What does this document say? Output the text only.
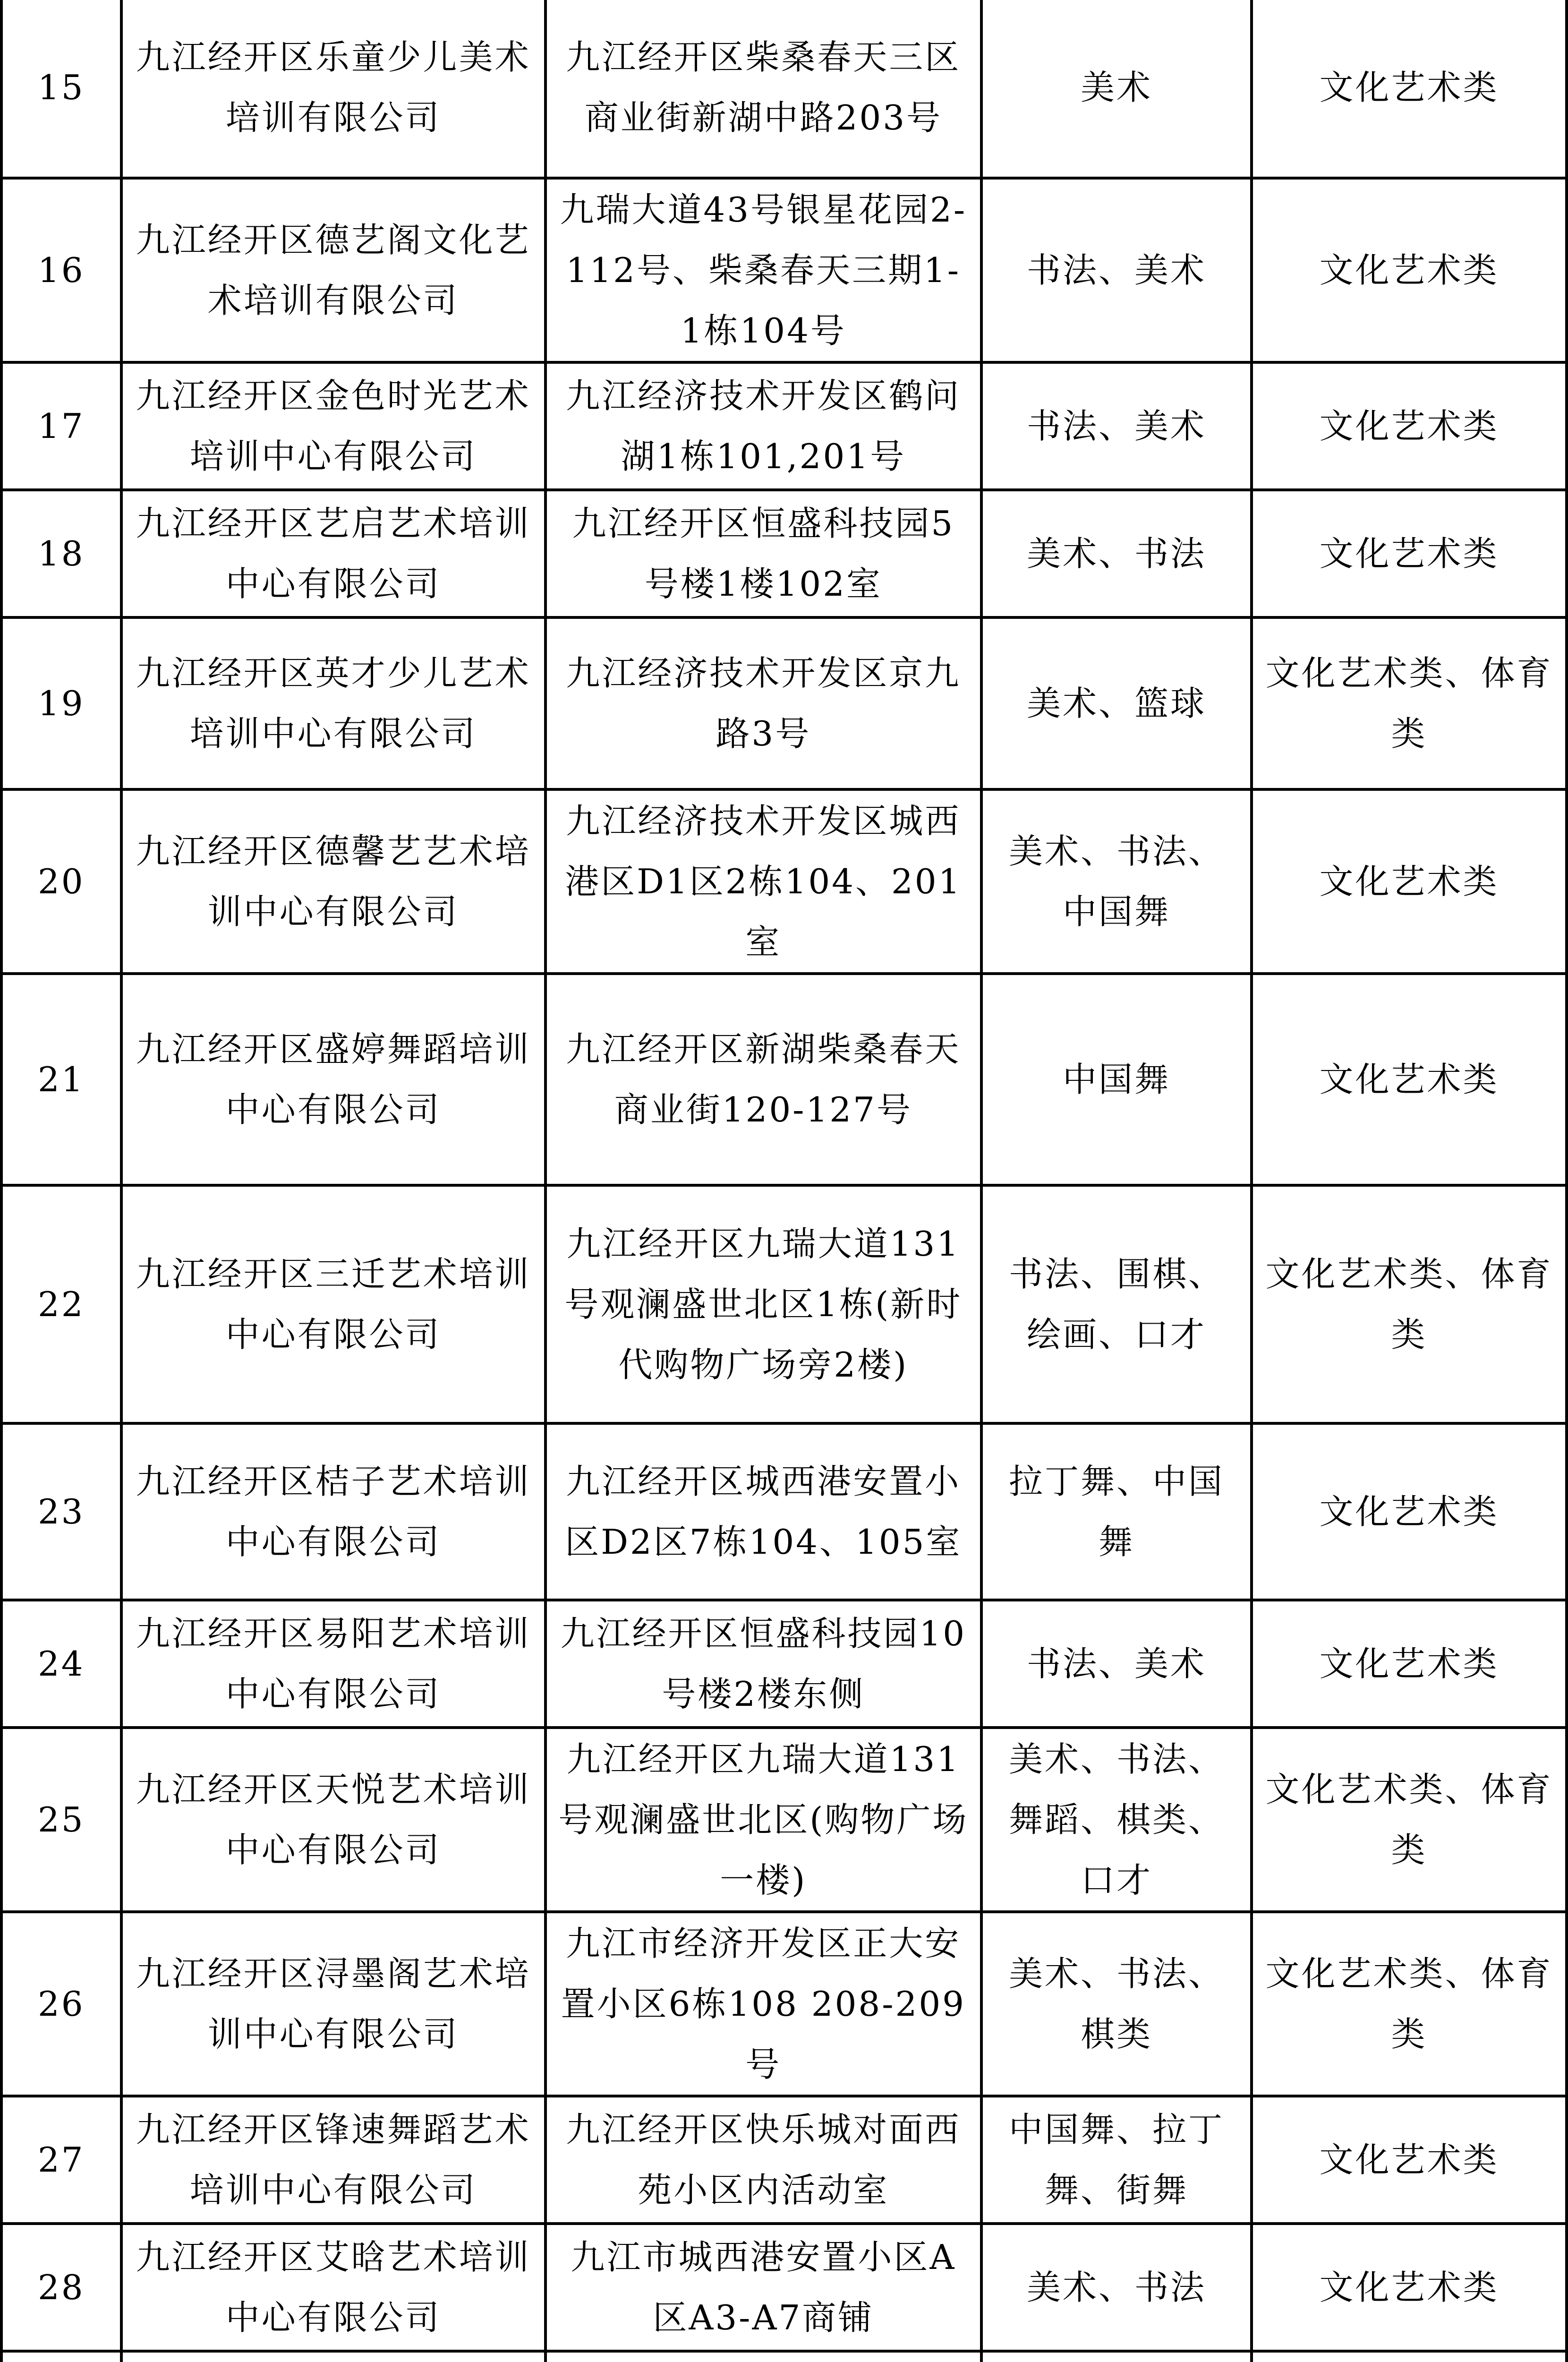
15	九江经开区乐童少儿美术培训有限公司	九江经开区柴桑春天三区商业街新湖中路203号	美术	文化艺术类
16	九江经开区德艺阁文化艺术培训有限公司	九瑞大道43号银星花园2-112号、柴桑春天三期1-1栋104号	书法、美术	文化艺术类
17	九江经开区金色时光艺术培训中心有限公司	九江经济技术开发区鹤问湖1栋101,201号	书法、美术	文化艺术类
18	九江经开区艺启艺术培训中心有限公司	九江经开区恒盛科技园5号楼1楼102室	美术、书法	文化艺术类
19	九江经开区英才少儿艺术培训中心有限公司	九江经济技术开发区京九路3号	美术、篮球	文化艺术类、体育类
20	九江经开区德馨艺艺术培训中心有限公司	九江经济技术开发区城西港区D1区2栋104、201室	美术、书法、中国舞	文化艺术类
21	九江经开区盛婷舞蹈培训中心有限公司	九江经开区新湖柴桑春天商业街120-127号	中国舞	文化艺术类
22	九江经开区三迁艺术培训中心有限公司	九江经开区九瑞大道131号观澜盛世北区1栋(新时代购物广场旁2楼)	书法、围棋、绘画、口才	文化艺术类、体育类
23	九江经开区桔子艺术培训中心有限公司	九江经开区城西港安置小区D2区7栋104、105室	拉丁舞、中国舞	文化艺术类
24	九江经开区易阳艺术培训中心有限公司	九江经开区恒盛科技园10号楼2楼东侧	书法、美术	文化艺术类
25	九江经开区天悦艺术培训中心有限公司	九江经开区九瑞大道131号观澜盛世北区(购物广场一楼)	美术、书法、舞蹈、棋类、口才	文化艺术类、体育类
26	九江经开区浔墨阁艺术培训中心有限公司	九江市经济开发区正大安置小区6栋108 208-209号	美术、书法、棋类	文化艺术类、体育类
27	九江经开区锋速舞蹈艺术培训中心有限公司	九江经开区快乐城对面西苑小区内活动室	中国舞、拉丁舞、街舞	文化艺术类
28	九江经开区艾晗艺术培训中心有限公司	九江市城西港安置小区A区A3-A7商铺	美术、书法	文化艺术类
